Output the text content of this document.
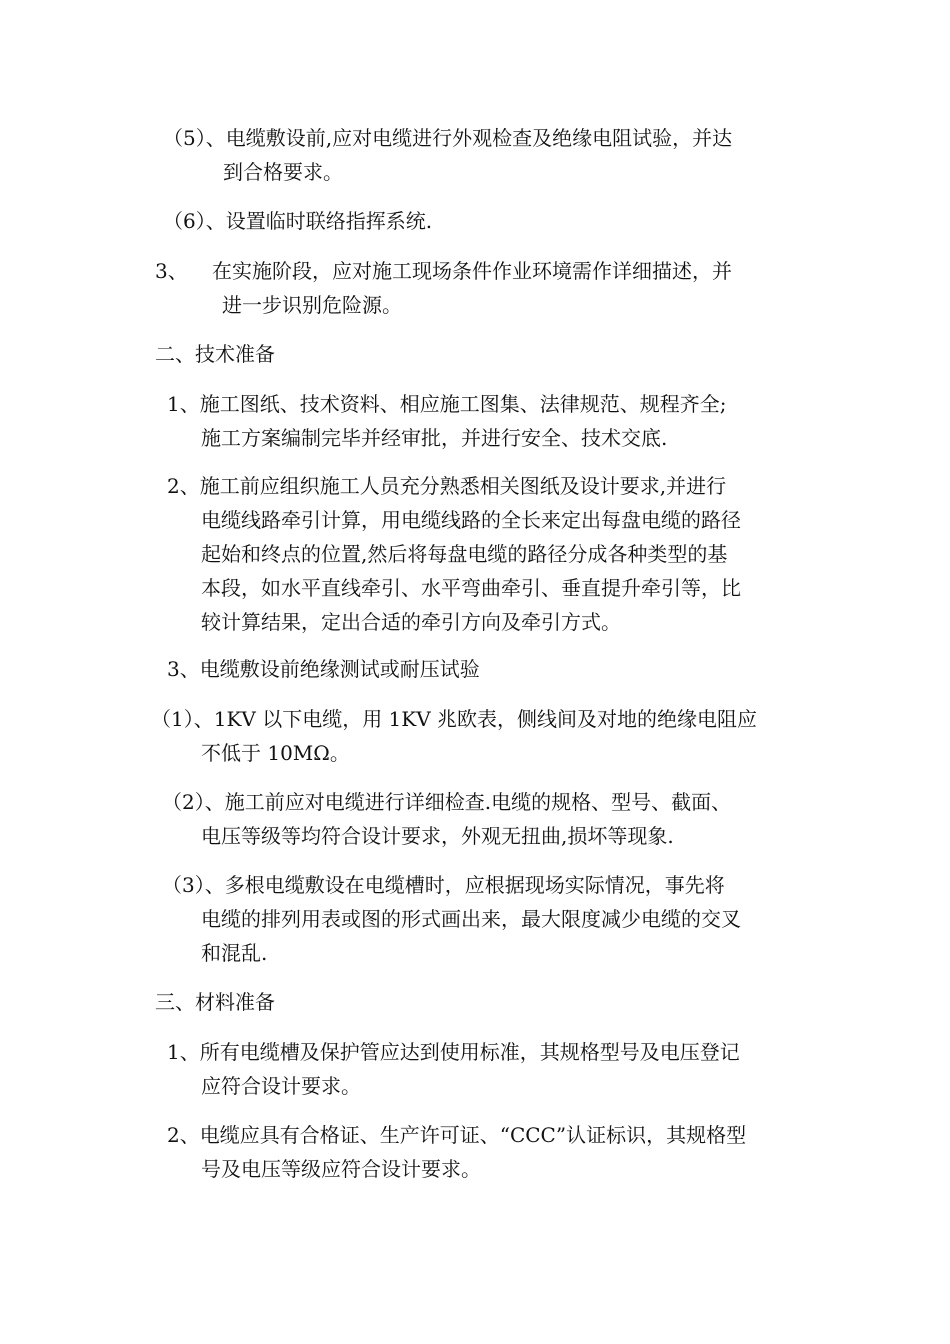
（5）、电缆敷设前,应对电缆进行外观检查及绝缘电阻试验，并达
到合格要求。
（6）、设置临时联络指挥系统.
3、 在实施阶段，应对施工现场条件作业环境需作详细描述，并
进一步识别危险源。
二、技术准备
1、施工图纸、技术资料、相应施工图集、法律规范、规程齐全;
施工方案编制完毕并经审批，并进行安全、技术交底.
2、施工前应组织施工人员充分熟悉相关图纸及设计要求,并进行
电缆线路牵引计算，用电缆线路的全长来定出每盘电缆的路径
起始和终点的位置,然后将每盘电缆的路径分成各种类型的基
本段，如水平直线牵引、水平弯曲牵引、垂直提升牵引等，比
较计算结果，定出合适的牵引方向及牵引方式。
3、电缆敷设前绝缘测试或耐压试验
（1）、1KV 以下电缆，用 1KV 兆欧表，侧线间及对地的绝缘电阻应
不低于 10MΩ。
（2）、施工前应对电缆进行详细检查.电缆的规格、型号、截面、
电压等级等均符合设计要求，外观无扭曲,损坏等现象.
（3）、多根电缆敷设在电缆槽时，应根据现场实际情况，事先将
电缆的排列用表或图的形式画出来，最大限度减少电缆的交叉
和混乱.
三、材料准备
1、所有电缆槽及保护管应达到使用标准，其规格型号及电压登记
应符合设计要求。
2、电缆应具有合格证、生产许可证、“CCC”认证标识，其规格型
号及电压等级应符合设计要求。
